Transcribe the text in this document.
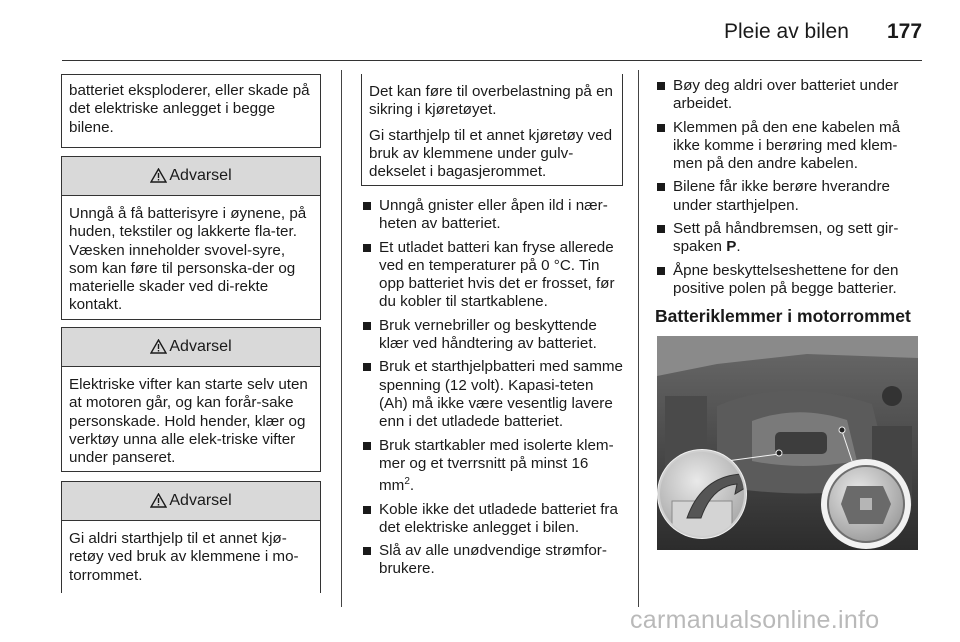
Pleie av bilen 177

batteriet eksploderer, eller skade på det elektriske anlegget i begge bilene.

Advarsel

Unngå å få batterisyre i øynene, på huden, tekstiler og lakkerte fla-ter. Væsken inneholder svovel-syre, som kan føre til personska-der og materielle skader ved di-rekte kontakt.

Advarsel

Elektriske vifter kan starte selv uten at motoren går, og kan forår-sake personskade. Hold hender, klær og verktøy unna alle elek-triske vifter under panseret.

Advarsel

Gi aldri starthjelp til et annet kjø-retøy ved bruk av klemmene i mo-torrommet.

Det kan føre til overbelastning på en sikring i kjøretøyet.

Gi starthjelp til et annet kjøretøy ved bruk av klemmene under gulv-dekselet i bagasjerommet.

Unngå gnister eller åpen ild i nær-heten av batteriet.
Et utladet batteri kan fryse allerede ved en temperaturer på 0 °C. Tin opp batteriet hvis det er frosset, før du kobler til startkablene.
Bruk vernebriller og beskyttende klær ved håndtering av batteriet.
Bruk et starthjelpbatteri med samme spenning (12 volt). Kapasi-teten (Ah) må ikke være vesentlig lavere enn i det utladede batteriet.
Bruk startkabler med isolerte klem-mer og et tverrsnitt på minst 16 $mm^2$.
Koble ikke det utladede batteriet fra det elektriske anlegget i bilen.
Slå av alle unødvendige strømfor-brukere.
Bøy deg aldri over batteriet under arbeidet.
Klemmen på den ene kabelen må ikke komme i berøring med klem-men på den andre kabelen.
Bilene får ikke berøre hverandre under starthjelpen.
Sett på håndbremsen, og sett gir-spaken P.
Åpne beskyttelseshettene for den positive polen på begge batterier.
Batteriklemmer i motorrommet
carmanualsonline.info
